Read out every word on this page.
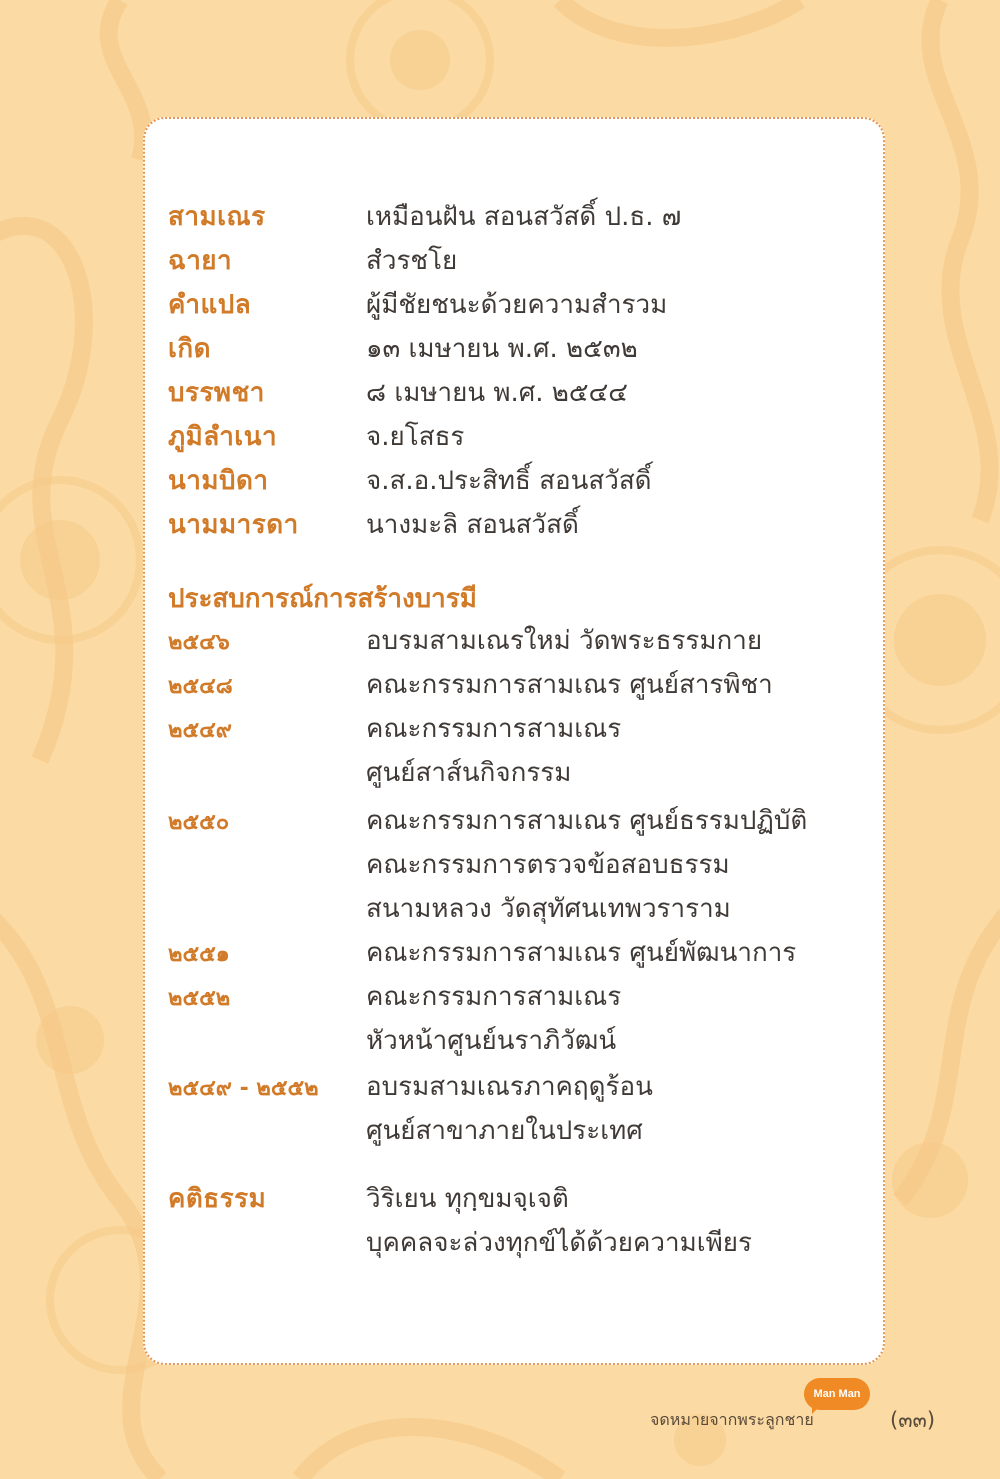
สามเณร	เหมือนฝัน สอนสวัสดิ์ ป.ธ. ๗
ฉายา	สํวรชโย
คำแปล	ผู้มีชัยชนะด้วยความสำรวม
เกิด	๑๓ เมษายน พ.ศ. ๒๕๓๒
บรรพชา	๘ เมษายน พ.ศ. ๒๕๔๔
ภูมิลำเนา	จ.ยโสธร
นามบิดา	จ.ส.อ.ประสิทธิ์ สอนสวัสดิ์
นามมารดา	นางมะลิ สอนสวัสดิ์
ประสบการณ์การสร้างบารมี
๒๕๔๖	อบรมสามเณรใหม่ วัดพระธรรมกาย
๒๕๔๘	คณะกรรมการสามเณร ศูนย์สารพิชา
๒๕๔๙	คณะกรรมการสามเณร
ศูนย์สาส์นกิจกรรม
๒๕๕๐	คณะกรรมการสามเณร ศูนย์ธรรมปฏิบัติ
คณะกรรมการตรวจข้อสอบธรรม
สนามหลวง วัดสุทัศนเทพวราราม
๒๕๕๑	คณะกรรมการสามเณร ศูนย์พัฒนาการ
๒๕๕๒	คณะกรรมการสามเณร
หัวหน้าศูนย์นราภิวัฒน์
๒๕๔๙ - ๒๕๕๒ อบรมสามเณรภาคฤดูร้อน
ศูนย์สาขาภายในประเทศ
คติธรรม	วิริเยน ทุกฺขมจฺเจติ
บุคคลจะล่วงทุกข์ได้ด้วยความเพียร
Man Man
จดหมายจากพระลูกชาย	(๓๓)
